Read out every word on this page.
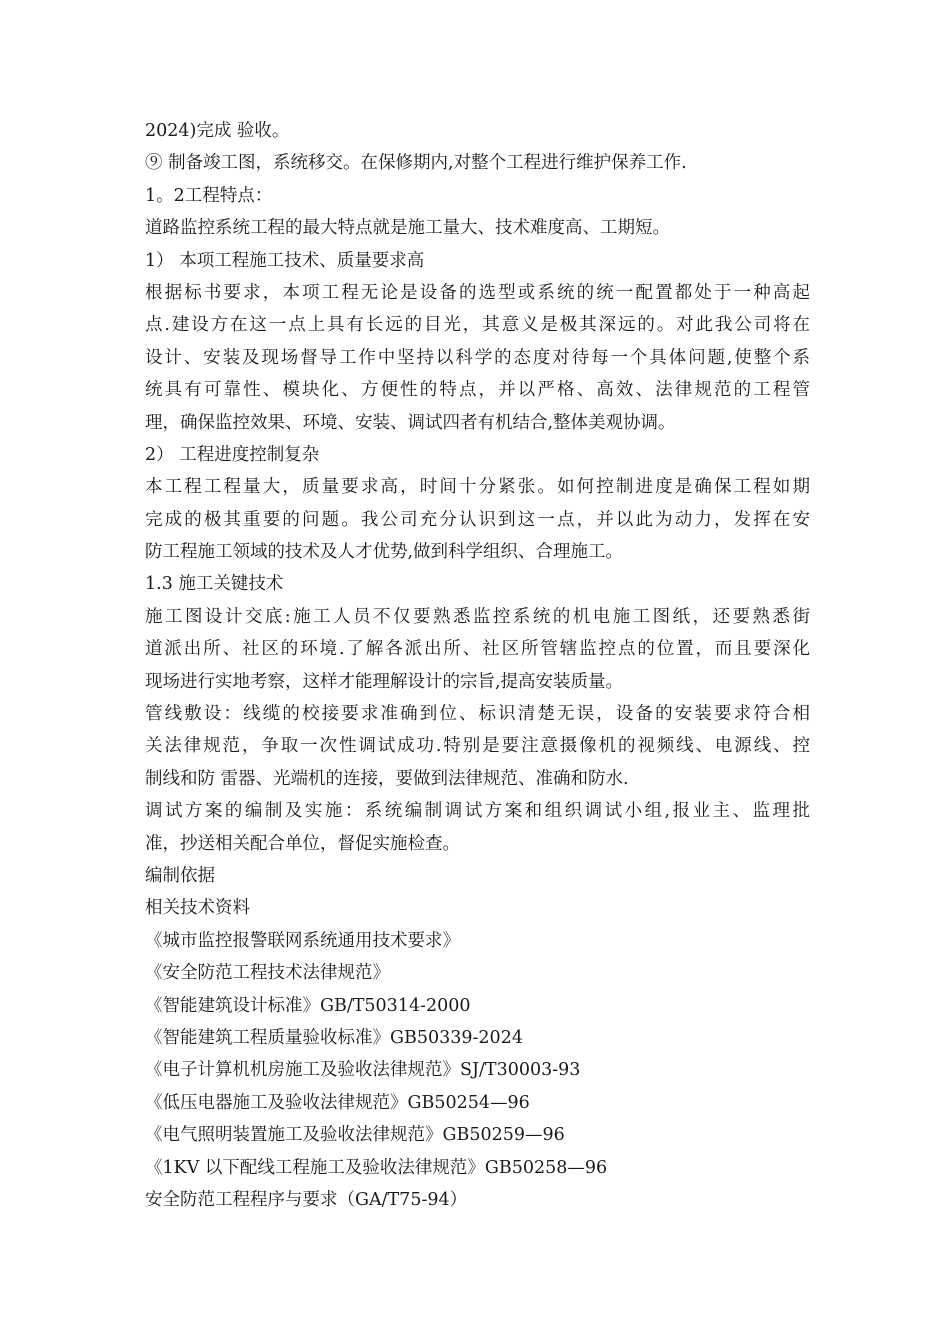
2024)完成 验收。
⑨ 制备竣工图，系统移交。在保修期内,对整个工程进行维护保养工作.
1。2工程特点：
道路监控系统工程的最大特点就是施工量大、技术难度高、工期短。
1） 本项工程施工技术、质量要求高
根据标书要求，本项工程无论是设备的选型或系统的统一配置都处于一种高起
点.建设方在这一点上具有长远的目光，其意义是极其深远的。对此我公司将在
设计、安装及现场督导工作中坚持以科学的态度对待每一个具体问题,使整个系
统具有可靠性、模块化、方便性的特点，并以严格、高效、法律规范的工程管
理，确保监控效果、环境、安装、调试四者有机结合,整体美观协调。
2） 工程进度控制复杂
本工程工程量大，质量要求高，时间十分紧张。如何控制进度是确保工程如期
完成的极其重要的问题。我公司充分认识到这一点，并以此为动力，发挥在安
防工程施工领域的技术及人才优势,做到科学组织、合理施工。
1.3 施工关键技术
施工图设计交底:施工人员不仅要熟悉监控系统的机电施工图纸，还要熟悉街
道派出所、社区的环境.了解各派出所、社区所管辖监控点的位置，而且要深化
现场进行实地考察，这样才能理解设计的宗旨,提高安装质量。
管线敷设：线缆的校接要求准确到位、标识清楚无误，设备的安装要求符合相
关法律规范，争取一次性调试成功.特别是要注意摄像机的视频线、电源线、控
制线和防 雷器、光端机的连接，要做到法律规范、准确和防水.
调试方案的编制及实施：系统编制调试方案和组织调试小组,报业主、监理批
准，抄送相关配合单位，督促实施检查。
编制依据
相关技术资料
《城市监控报警联网系统通用技术要求》
《安全防范工程技术法律规范》
《智能建筑设计标准》GB/T50314-2000
《智能建筑工程质量验收标准》GB50339-2024
《电子计算机机房施工及验收法律规范》SJ/T30003-93
《低压电器施工及验收法律规范》GB50254—96
《电气照明装置施工及验收法律规范》GB50259—96
《1KV 以下配线工程施工及验收法律规范》GB50258—96
安全防范工程程序与要求（GA/T75-94）
